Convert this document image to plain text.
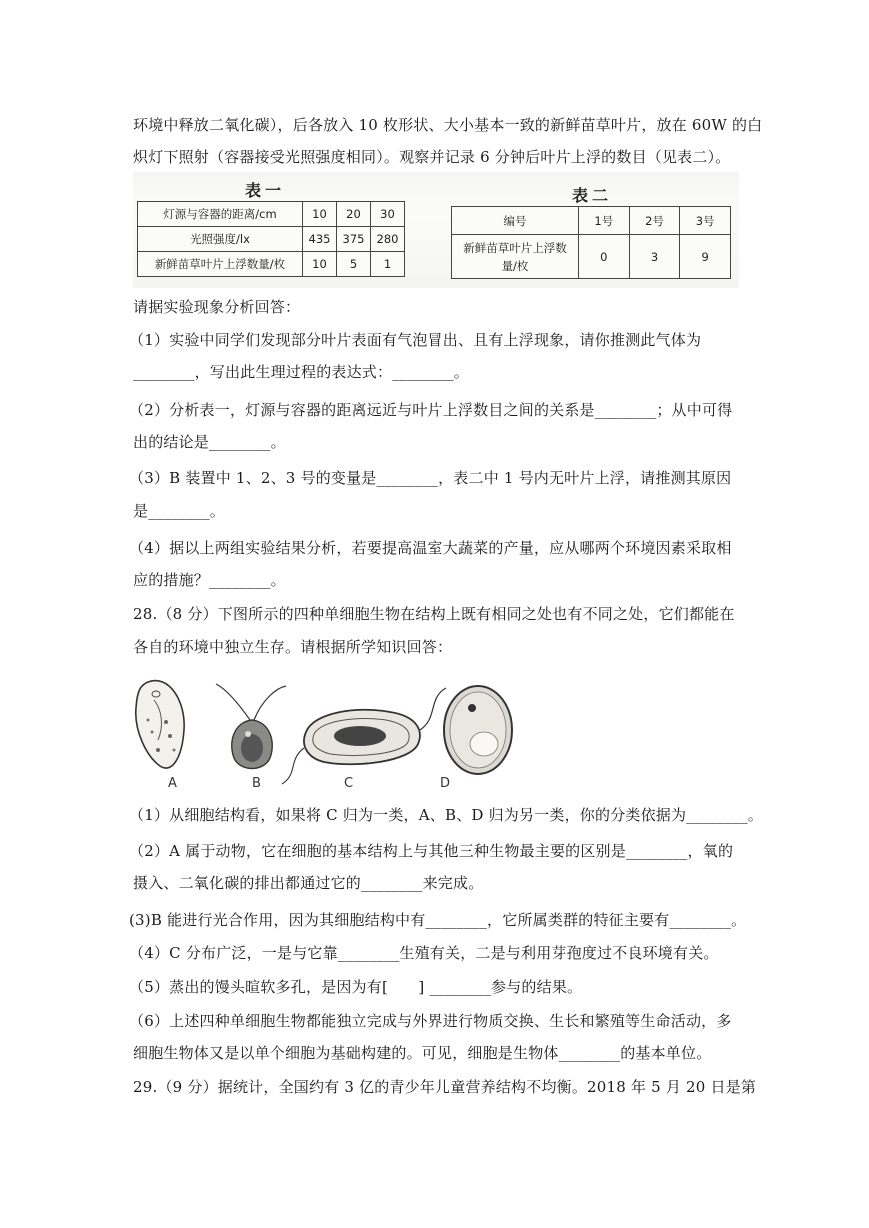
环境中释放二氧化碳），后各放入 10 枚形状、大小基本一致的新鲜苗草叶片，放在 60W 的白
炽灯下照射（容器接受光照强度相同）。观察并记录 6 分钟后叶片上浮的数目（见表二）。
表一
灯源与容器的距离/cm	10	20	30
光照强度/lx	435	375	280
新鲜苗草叶片上浮数量/枚	10	5	1
表二
编号	1号	2号	3号
新鲜苗草叶片上浮数量/枚	0	3	9
请据实验现象分析回答：
（1）实验中同学们发现部分叶片表面有气泡冒出、且有上浮现象，请你推测此气体为
________，写出此生理过程的表达式：________。
（2）分析表一，灯源与容器的距离远近与叶片上浮数目之间的关系是________；从中可得
出的结论是________。
（3）B 装置中 1、2、3 号的变量是________，表二中 1 号内无叶片上浮，请推测其原因
是________。
（4）据以上两组实验结果分析，若要提高温室大蔬菜的产量，应从哪两个环境因素采取相
应的措施？________。
28.（8 分）下图所示的四种单细胞生物在结构上既有相同之处也有不同之处，它们都能在
各自的环境中独立生存。请根据所学知识回答：
A	B	C	D
（1）从细胞结构看，如果将 C 归为一类，A、B、D 归为另一类，你的分类依据为________。
（2）A 属于动物，它在细胞的基本结构上与其他三种生物最主要的区别是________，氧的
摄入、二氧化碳的排出都通过它的________来完成。
(3)B 能进行光合作用，因为其细胞结构中有________，它所属类群的特征主要有________。
（4）C 分布广泛，一是与它靠________生殖有关，二是与利用芽孢度过不良环境有关。
（5）蒸出的馒头暄软多孔，是因为有[　　] ________参与的结果。
（6）上述四种单细胞生物都能独立完成与外界进行物质交换、生长和繁殖等生命活动，多
细胞生物体又是以单个细胞为基础构建的。可见，细胞是生物体________的基本单位。
29.（9 分）据统计，全国约有 3 亿的青少年儿童营养结构不均衡。2018 年 5 月 20 日是第
